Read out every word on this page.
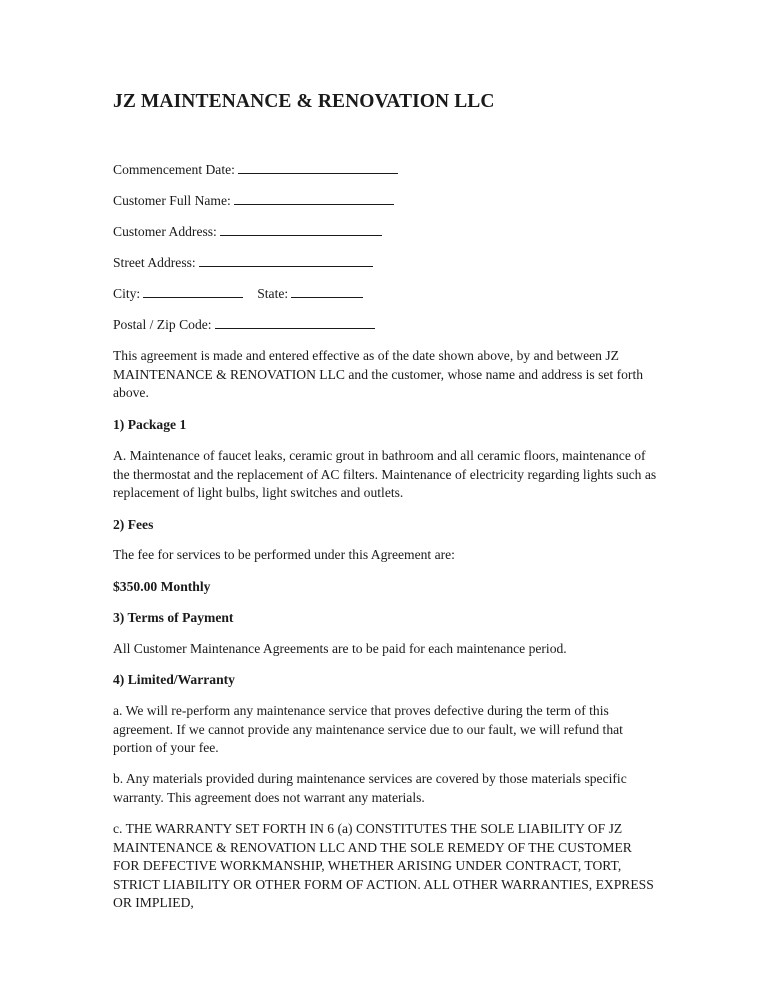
JZ MAINTENANCE & RENOVATION LLC
Commencement Date:
Customer Full Name:
Customer Address:
Street Address:
City:	State:
Postal / Zip Code:

This agreement is made and entered effective as of the date shown above, by and between JZ MAINTENANCE & RENOVATION LLC and the customer, whose name and address is set forth above.

1) Package 1

A. Maintenance of faucet leaks, ceramic grout in bathroom and all ceramic floors, maintenance of the thermostat and the replacement of AC filters. Maintenance of electricity regarding lights such as replacement of light bulbs, light switches and outlets.

2) Fees

The fee for services to be performed under this Agreement are:

$350.00 Monthly

3) Terms of Payment

All Customer Maintenance Agreements are to be paid for each maintenance period.

4) Limited/Warranty

a. We will re-perform any maintenance service that proves defective during the term of this agreement. If we cannot provide any maintenance service due to our fault, we will refund that portion of your fee.

b. Any materials provided during maintenance services are covered by those materials specific warranty. This agreement does not warrant any materials.

c. THE WARRANTY SET FORTH IN 6 (a) CONSTITUTES THE SOLE LIABILITY OF JZ MAINTENANCE & RENOVATION LLC AND THE SOLE REMEDY OF THE CUSTOMER FOR DEFECTIVE WORKMANSHIP, WHETHER ARISING UNDER CONTRACT, TORT, STRICT LIABILITY OR OTHER FORM OF ACTION. ALL OTHER WARRANTIES, EXPRESS OR IMPLIED,
